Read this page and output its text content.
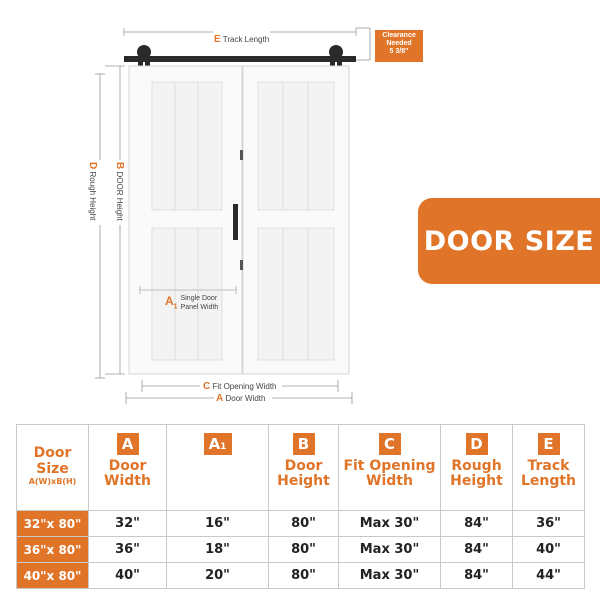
E Track Length	Clearance
Needed
5 3/8"
D Rough Height
B DOOR Height
$A_1$
Single Door
Panel Width
C Fit Opening Width
A Door Width
DOOR SIZE
Door
Size
A(W)xB(H)	A
Door
Width	A1	B
Door
Height	C
Fit Opening
Width	D
Rough
Height	E
Track
Length

32"x 80"	32"	16"	80"	Max 30"	84"	36"
36"x 80"	36"	18"	80"	Max 30"	84"	40"
40"x 80"	40"	20"	80"	Max 30"	84"	44"
